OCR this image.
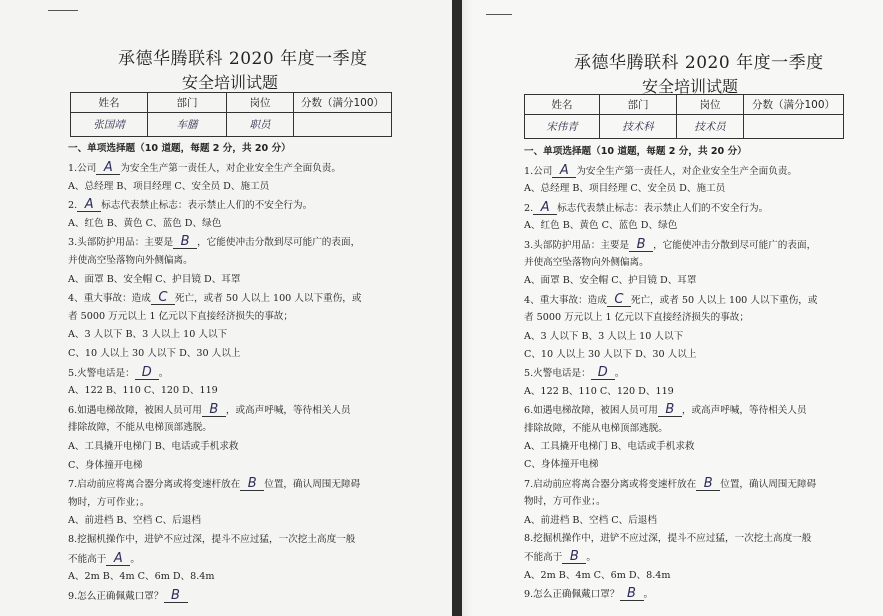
承德华腾联科 2020 年度一季度
安全培训试题
姓名	部门	岗位	分数（满分100）
张国靖	车膳	职员	
一、单项选择题（10 道题，每题 2 分，共 20 分）
1.公司 A 为安全生产第一责任人，对企业安全生产全面负责。
A、总经理 B、项目经理 C、安全员 D、施工员
2. A 标志代表禁止标志：表示禁止人们的不安全行为。
A、红色 B、黄色 C、蓝色 D、绿色
3.头部防护用品：主要是 B ，它能使冲击分散到尽可能广的表面，
并使高空坠落物向外侧偏离。
A、面罩 B、安全帽 C、护目镜 D、耳罩
4、重大事故：造成 C 死亡，或者 50 人以上 100 人以下重伤，或
者 5000 万元以上 1 亿元以下直接经济损失的事故；
A、3 人以下 B、3 人以上 10 人以下
C、10 人以上 30 人以下 D、30 人以上
5.火警电话是： D 。
A、122 B、110 C、120 D、119
6.如遇电梯故障，被困人员可用 B ，或高声呼喊，等待相关人员
排除故障，不能从电梯顶部逃脱。
A、工具撬开电梯门 B、电话或手机求救
C、身体撞开电梯
7.启动前应将离合器分离或将变速杆放在 B 位置，确认周围无障碍
物时，方可作业；。
A、前进档 B、空档 C、后退档
8.挖掘机操作中，进铲不应过深，提斗不应过猛，一次挖土高度一般
不能高于 A 。
A、2m B、4m C、6m D、8.4m
9.怎么正确佩戴口罩？ B
承德华腾联科 2020 年度一季度
安全培训试题
姓名	部门	岗位	分数（满分100）
宋伟青	技术科	技术员	
一、单项选择题（10 道题，每题 2 分，共 20 分）
1.公司 A 为安全生产第一责任人，对企业安全生产全面负责。
A、总经理 B、项目经理 C、安全员 D、施工员
2. A 标志代表禁止标志：表示禁止人们的不安全行为。
A、红色 B、黄色 C、蓝色 D、绿色
3.头部防护用品：主要是 B ，它能使冲击分散到尽可能广的表面，
并使高空坠落物向外侧偏离。
A、面罩 B、安全帽 C、护目镜 D、耳罩
4、重大事故：造成 C 死亡，或者 50 人以上 100 人以下重伤，或
者 5000 万元以上 1 亿元以下直接经济损失的事故；
A、3 人以下 B、3 人以上 10 人以下
C、10 人以上 30 人以下 D、30 人以上
5.火警电话是： D 。
A、122 B、110 C、120 D、119
6.如遇电梯故障，被困人员可用 B ，或高声呼喊，等待相关人员
排除故障，不能从电梯顶部逃脱。
A、工具撬开电梯门 B、电话或手机求救
C、身体撞开电梯
7.启动前应将离合器分离或将变速杆放在 B 位置，确认周围无障碍
物时，方可作业；。
A、前进档 B、空档 C、后退档
8.挖掘机操作中，进铲不应过深，提斗不应过猛，一次挖土高度一般
不能高于 B 。
A、2m B、4m C、6m D、8.4m
9.怎么正确佩戴口罩？ B 。
